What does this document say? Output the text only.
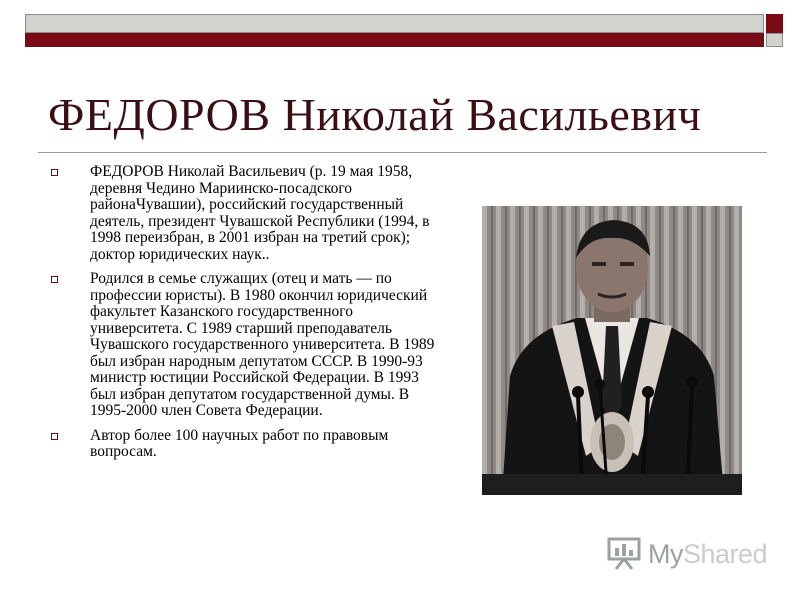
ФЕДОРОВ Николай Васильевич
ФЕДОРОВ Николай Васильевич (р. 19 мая 1958, деревня Чедино Мариинско-посадского районаЧувашии), российский государственный деятель, президент Чувашской Республики (1994, в 1998 переизбран, в 2001 избран на третий срок); доктор юридических наук..
Родился в семье служащих (отец и мать — по профессии юристы). В 1980 окончил юридический факультет Казанского государственного университета. С 1989 старший преподаватель Чувашского государственного университета. В 1989 был избран народным депутатом СССР. В 1990-93 министр юстиции Российской Федерации. В 1993 был избран депутатом государственной думы. В 1995-2000 член Совета Федерации.
Автор более 100 научных работ по правовым вопросам.
MyShared
